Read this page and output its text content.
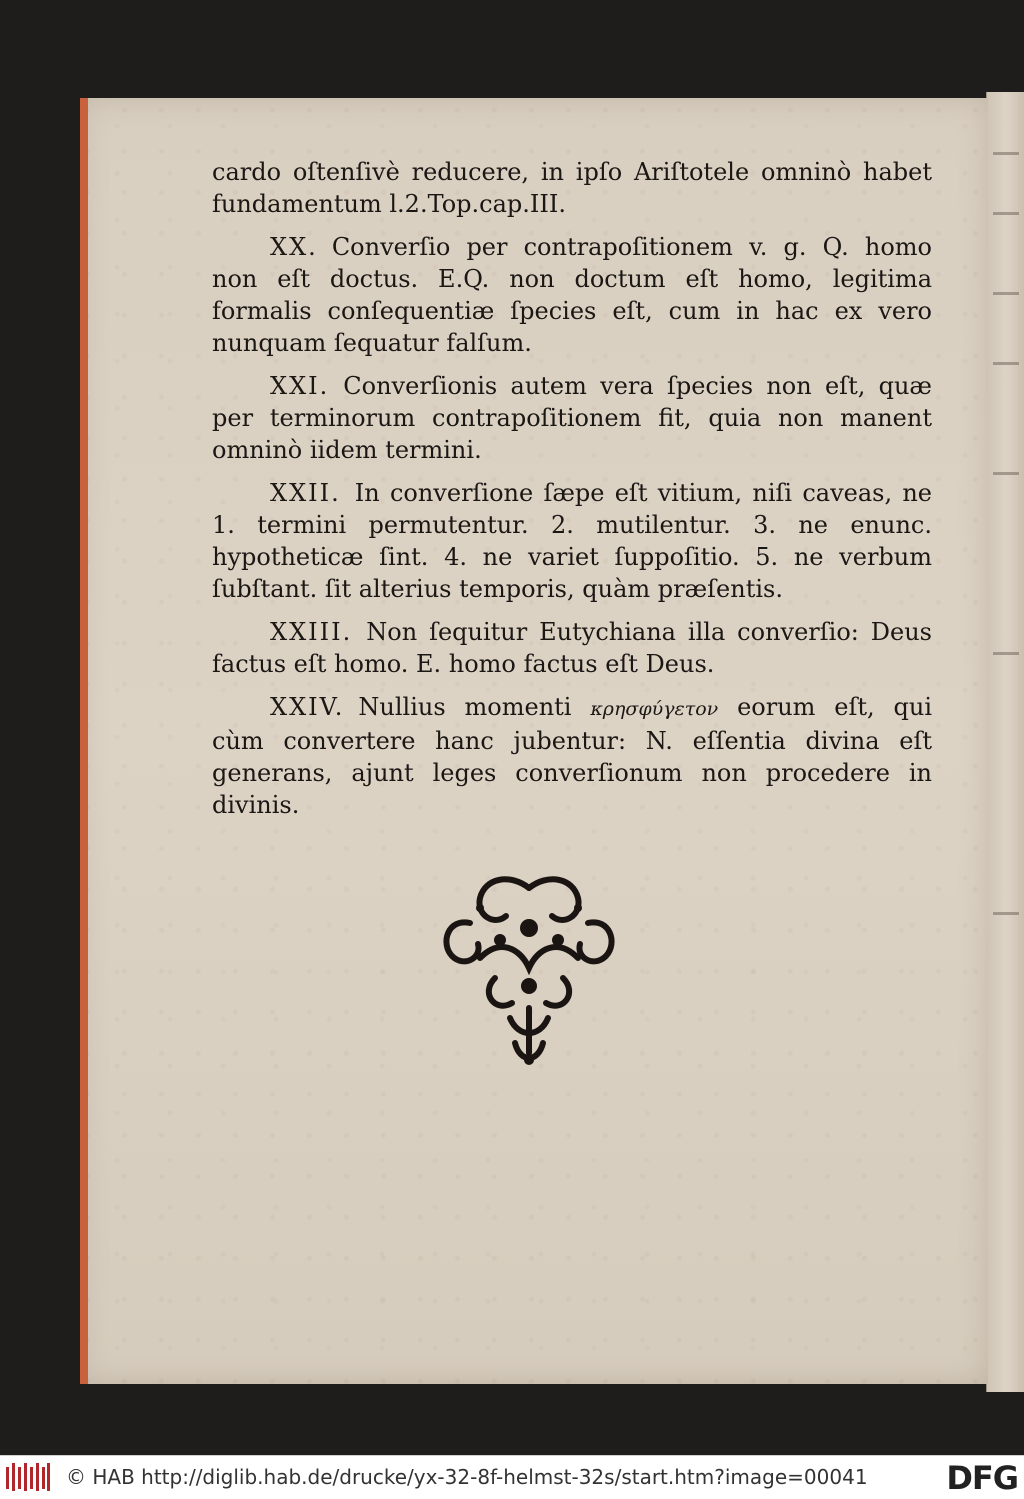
cardo oſtenſivè reducere, in ipſo Ariſtotele omninò habet fundamentum l.2.Top.cap.III.

XX. Converſio per contrapoſitionem v. g. Q. homo non eſt doctus. E.Q. non doctum eſt homo, legitima formalis conſequentiæ ſpecies eſt, cum in hac ex vero nunquam ſequatur falſum.

XXI. Converſionis autem vera ſpecies non eſt, quæ per terminorum contrapoſitionem fit, quia non manent omninò iidem termini.

XXII. In converſione ſæpe eſt vitium, niſi caveas, ne 1. termini permutentur. 2. mutilentur. 3. ne enunc. hypotheticæ ſint. 4. ne variet ſuppoſitio. 5. ne verbum ſubſtant. ſit alterius temporis, quàm præſentis.

XXIII. Non ſequitur Eutychiana illa converſio: Deus factus eſt homo. E. homo factus eſt Deus.

XXIV. Nullius momenti κρησφύγετον eorum eſt, qui cùm convertere hanc jubentur: N. eſſentia divina eſt generans, ajunt leges converſionum non procedere in divinis.

© HAB http://diglib.hab.de/drucke/yx-32-8f-helmst-32s/start.htm?image=00041 DFG
